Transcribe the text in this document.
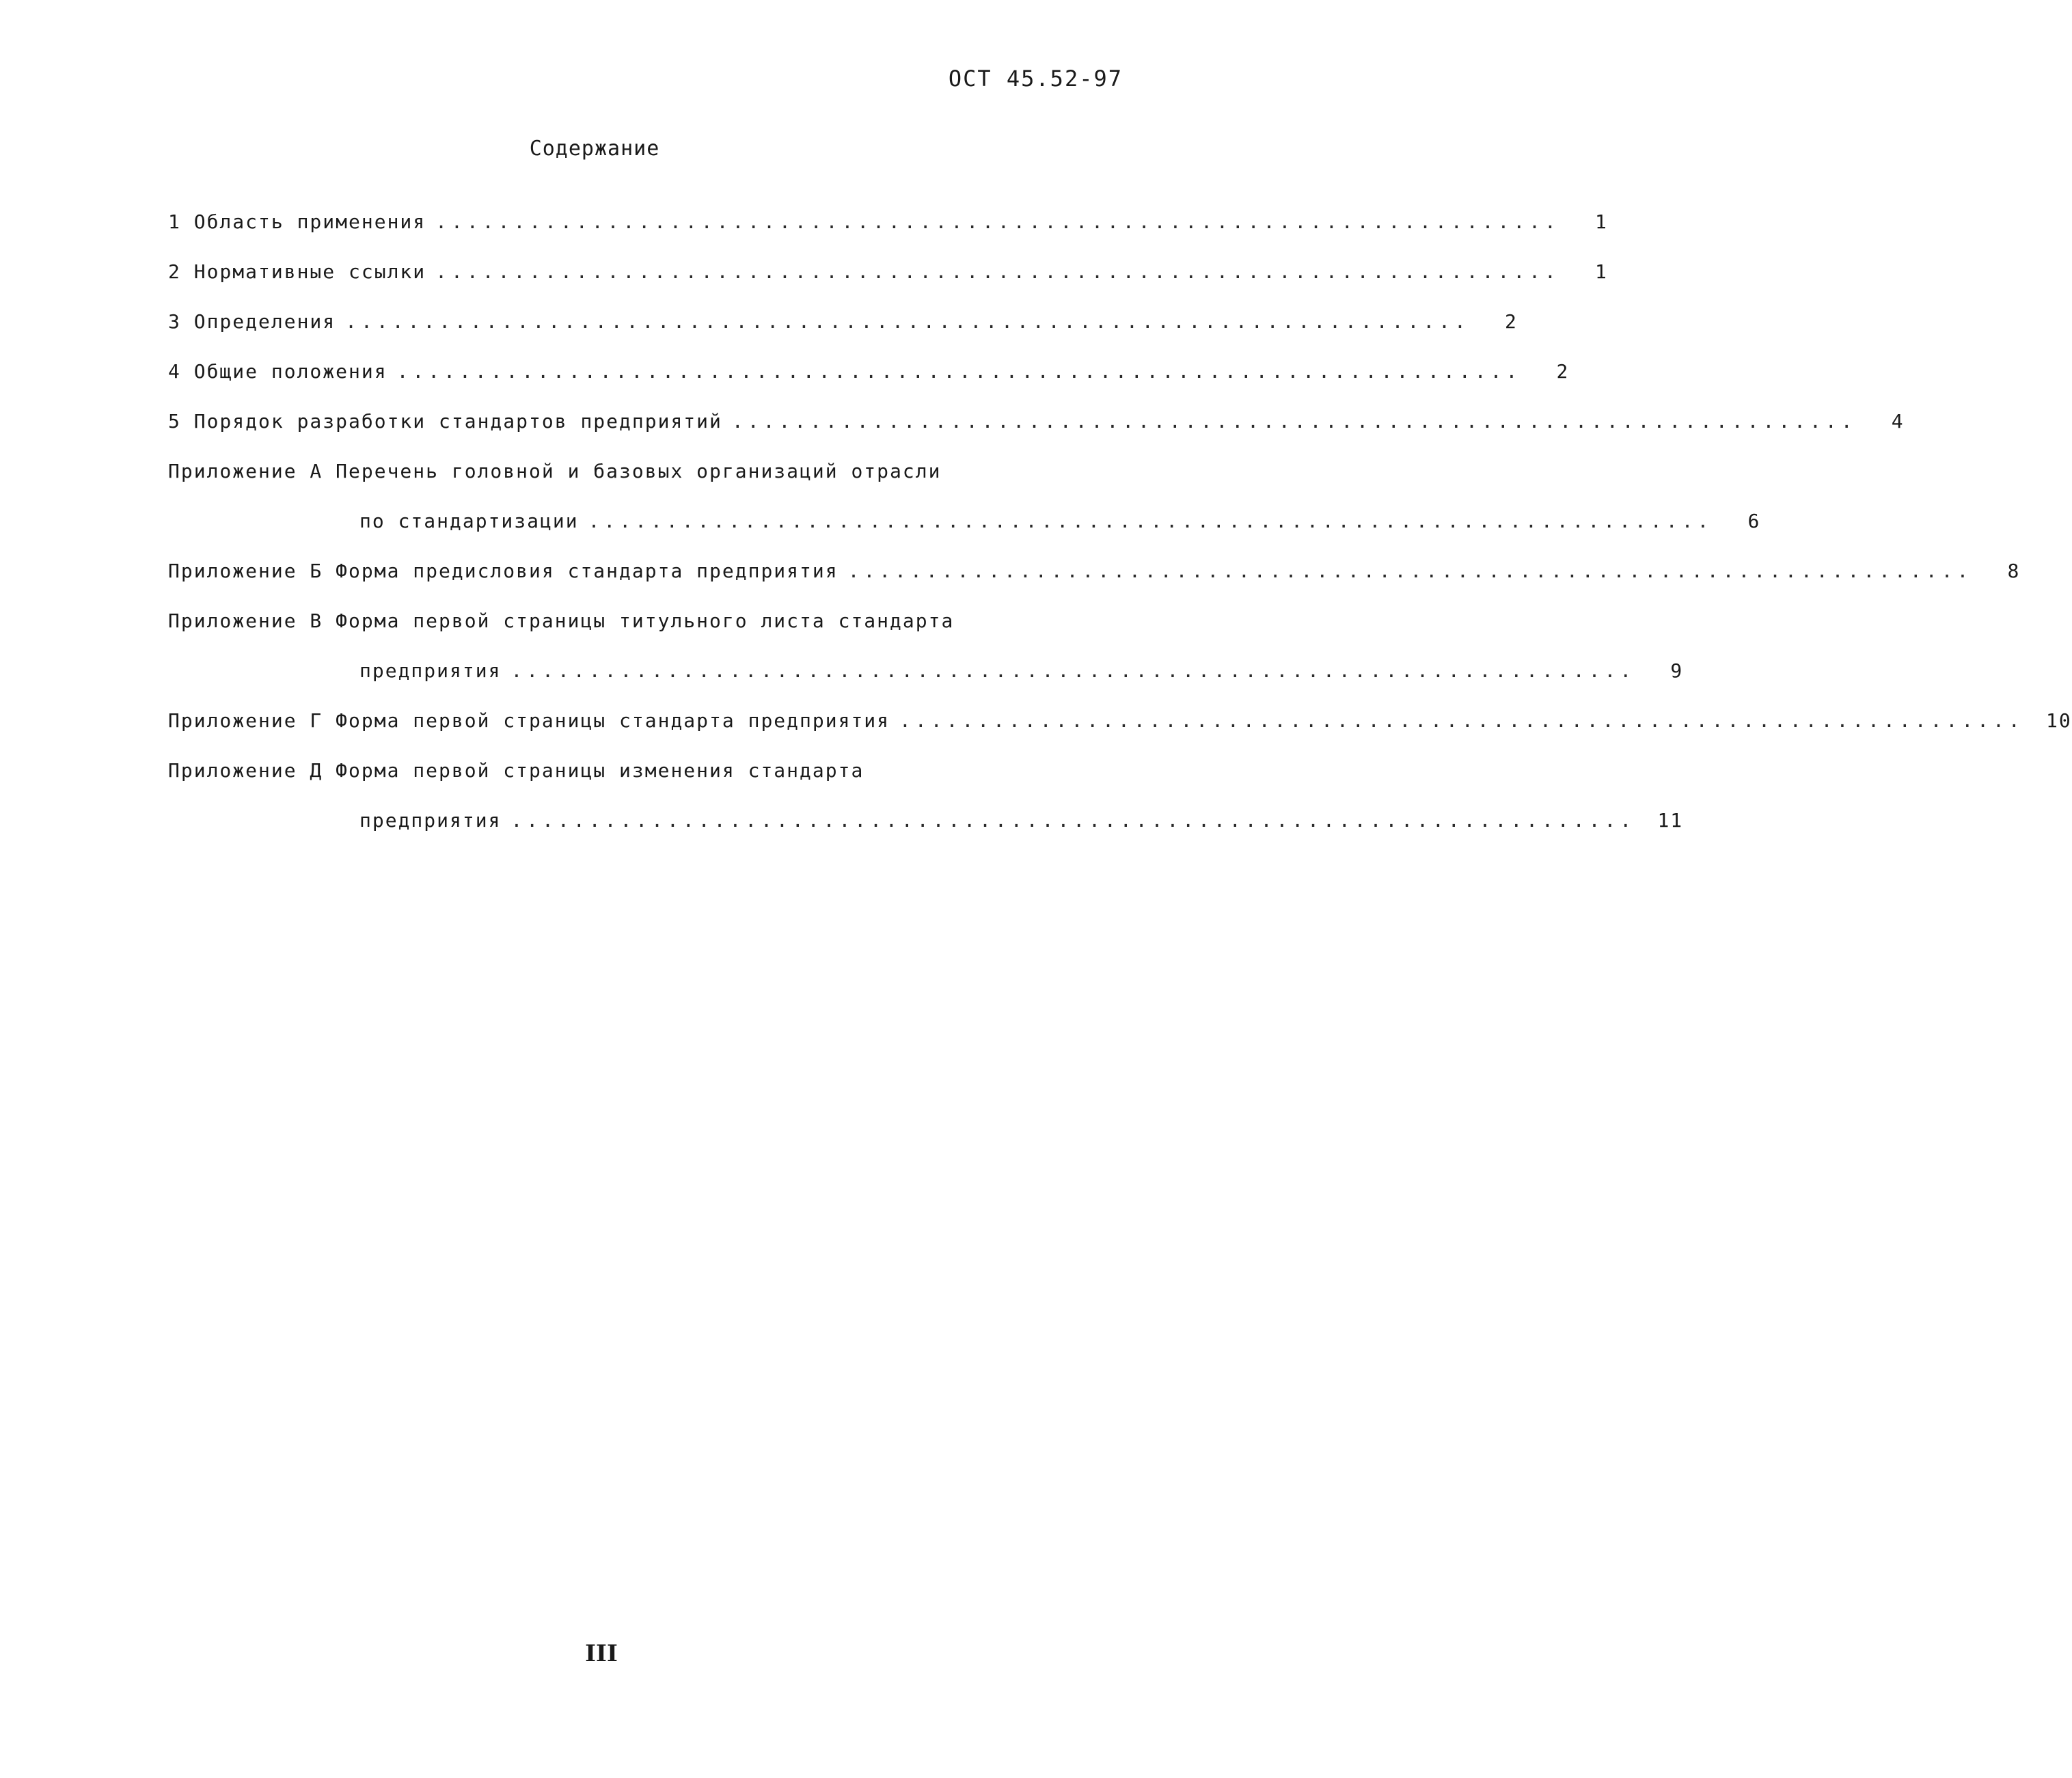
ОСТ 45.52-97
Содержание
1 Область применения ........................................................................	1
2 Нормативные ссылки ........................................................................	1
3 Определения ........................................................................	2
4 Общие положения ........................................................................	2
5 Порядок разработки стандартов предприятий ........................................................................	4
Приложение А Перечень головной и базовых организаций отрасли
по стандартизации ........................................................................	6
Приложение Б Форма предисловия стандарта предприятия ........................................................................	8
Приложение В Форма первой страницы титульного листа стандарта
предприятия ........................................................................	9
Приложение Г Форма первой страницы стандарта предприятия ........................................................................	10
Приложение Д Форма первой страницы изменения стандарта
предприятия ........................................................................	11
III
